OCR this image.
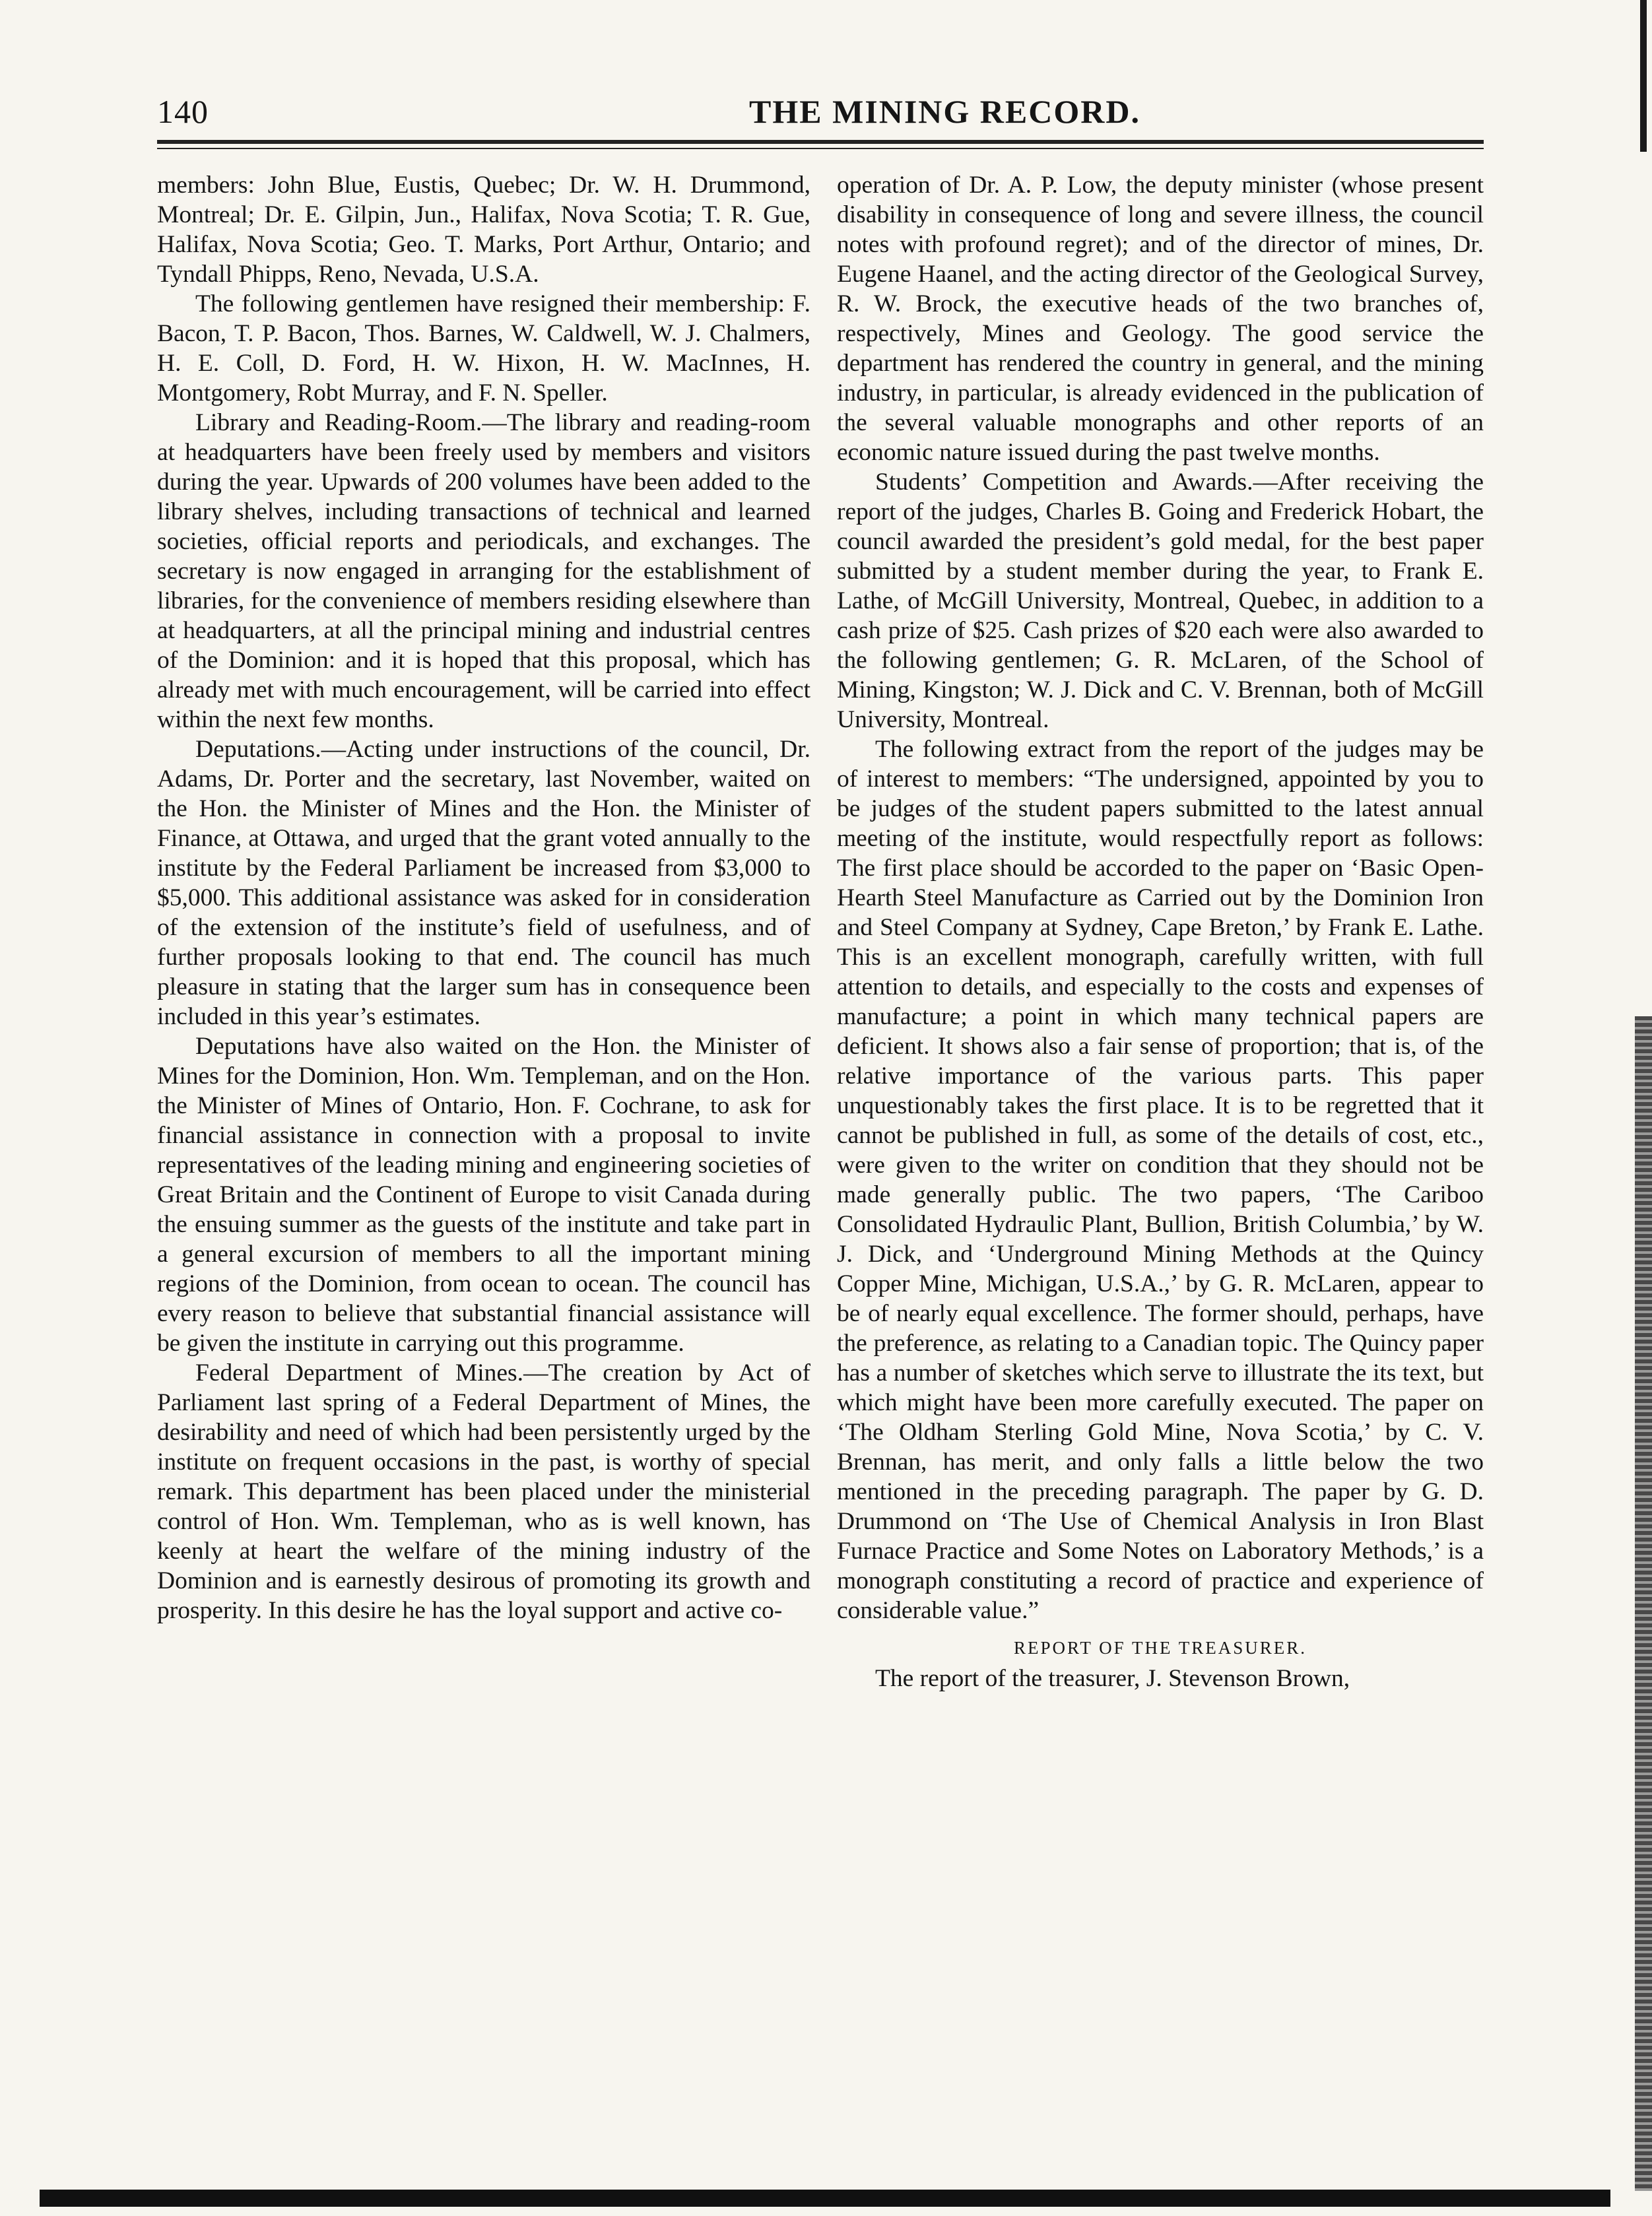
140	THE MINING RECORD.

members: John Blue, Eustis, Quebec; Dr. W. H. Drummond, Montreal; Dr. E. Gilpin, Jun., Halifax, Nova Scotia; T. R. Gue, Halifax, Nova Scotia; Geo. T. Marks, Port Arthur, Ontario; and Tyndall Phipps, Reno, Nevada, U.S.A.

The following gentlemen have resigned their membership: F. Bacon, T. P. Bacon, Thos. Barnes, W. Caldwell, W. J. Chalmers, H. E. Coll, D. Ford, H. W. Hixon, H. W. MacInnes, H. Montgomery, Robt Murray, and F. N. Speller.

Library and Reading-Room.—The library and reading-room at headquarters have been freely used by members and visitors during the year. Upwards of 200 volumes have been added to the library shelves, including transactions of technical and learned societies, official reports and periodicals, and exchanges. The secretary is now engaged in arranging for the establishment of libraries, for the convenience of members residing elsewhere than at headquarters, at all the principal mining and industrial centres of the Dominion: and it is hoped that this proposal, which has already met with much encouragement, will be carried into effect within the next few months.

Deputations.—Acting under instructions of the council, Dr. Adams, Dr. Porter and the secretary, last November, waited on the Hon. the Minister of Mines and the Hon. the Minister of Finance, at Ottawa, and urged that the grant voted annually to the institute by the Federal Parliament be increased from $3,000 to $5,000. This additional assistance was asked for in consideration of the extension of the institute’s field of usefulness, and of further proposals looking to that end. The council has much pleasure in stating that the larger sum has in consequence been included in this year’s estimates.

Deputations have also waited on the Hon. the Minister of Mines for the Dominion, Hon. Wm. Templeman, and on the Hon. the Minister of Mines of Ontario, Hon. F. Cochrane, to ask for financial assistance in connection with a proposal to invite representatives of the leading mining and engineering societies of Great Britain and the Continent of Europe to visit Canada during the ensuing summer as the guests of the institute and take part in a general excursion of members to all the important mining regions of the Dominion, from ocean to ocean. The council has every reason to believe that substantial financial assistance will be given the institute in carrying out this programme.

Federal Department of Mines.—The creation by Act of Parliament last spring of a Federal Department of Mines, the desirability and need of which had been persistently urged by the institute on frequent occasions in the past, is worthy of special remark. This department has been placed under the ministerial control of Hon. Wm. Templeman, who as is well known, has keenly at heart the welfare of the mining industry of the Dominion and is earnestly desirous of promoting its growth and prosperity. In this desire he has the loyal support and active co-

operation of Dr. A. P. Low, the deputy minister (whose present disability in consequence of long and severe illness, the council notes with profound regret); and of the director of mines, Dr. Eugene Haanel, and the acting director of the Geological Survey, R. W. Brock, the executive heads of the two branches of, respectively, Mines and Geology. The good service the department has rendered the country in general, and the mining industry, in particular, is already evidenced in the publication of the several valuable monographs and other reports of an economic nature issued during the past twelve months.

Students’ Competition and Awards.—After receiving the report of the judges, Charles B. Going and Frederick Hobart, the council awarded the president’s gold medal, for the best paper submitted by a student member during the year, to Frank E. Lathe, of McGill University, Montreal, Quebec, in addition to a cash prize of $25. Cash prizes of $20 each were also awarded to the following gentlemen; G. R. McLaren, of the School of Mining, Kingston; W. J. Dick and C. V. Brennan, both of McGill University, Montreal.

The following extract from the report of the judges may be of interest to members: “The undersigned, appointed by you to be judges of the student papers submitted to the latest annual meeting of the institute, would respectfully report as follows: The first place should be accorded to the paper on ‘Basic Open-Hearth Steel Manufacture as Carried out by the Dominion Iron and Steel Company at Sydney, Cape Breton,’ by Frank E. Lathe. This is an excellent monograph, carefully written, with full attention to details, and especially to the costs and expenses of manufacture; a point in which many technical papers are deficient. It shows also a fair sense of proportion; that is, of the relative importance of the various parts. This paper unquestionably takes the first place. It is to be regretted that it cannot be published in full, as some of the details of cost, etc., were given to the writer on condition that they should not be made generally public. The two papers, ‘The Cariboo Consolidated Hydraulic Plant, Bullion, British Columbia,’ by W. J. Dick, and ‘Underground Mining Methods at the Quincy Copper Mine, Michigan, U.S.A.,’ by G. R. McLaren, appear to be of nearly equal excellence. The former should, perhaps, have the preference, as relating to a Canadian topic. The Quincy paper has a number of sketches which serve to illustrate the its text, but which might have been more carefully executed. The paper on ‘The Oldham Sterling Gold Mine, Nova Scotia,’ by C. V. Brennan, has merit, and only falls a little below the two mentioned in the preceding paragraph. The paper by G. D. Drummond on ‘The Use of Chemical Analysis in Iron Blast Furnace Practice and Some Notes on Laboratory Methods,’ is a monograph constituting a record of practice and experience of considerable value.”

REPORT OF THE TREASURER.

The report of the treasurer, J. Stevenson Brown,
